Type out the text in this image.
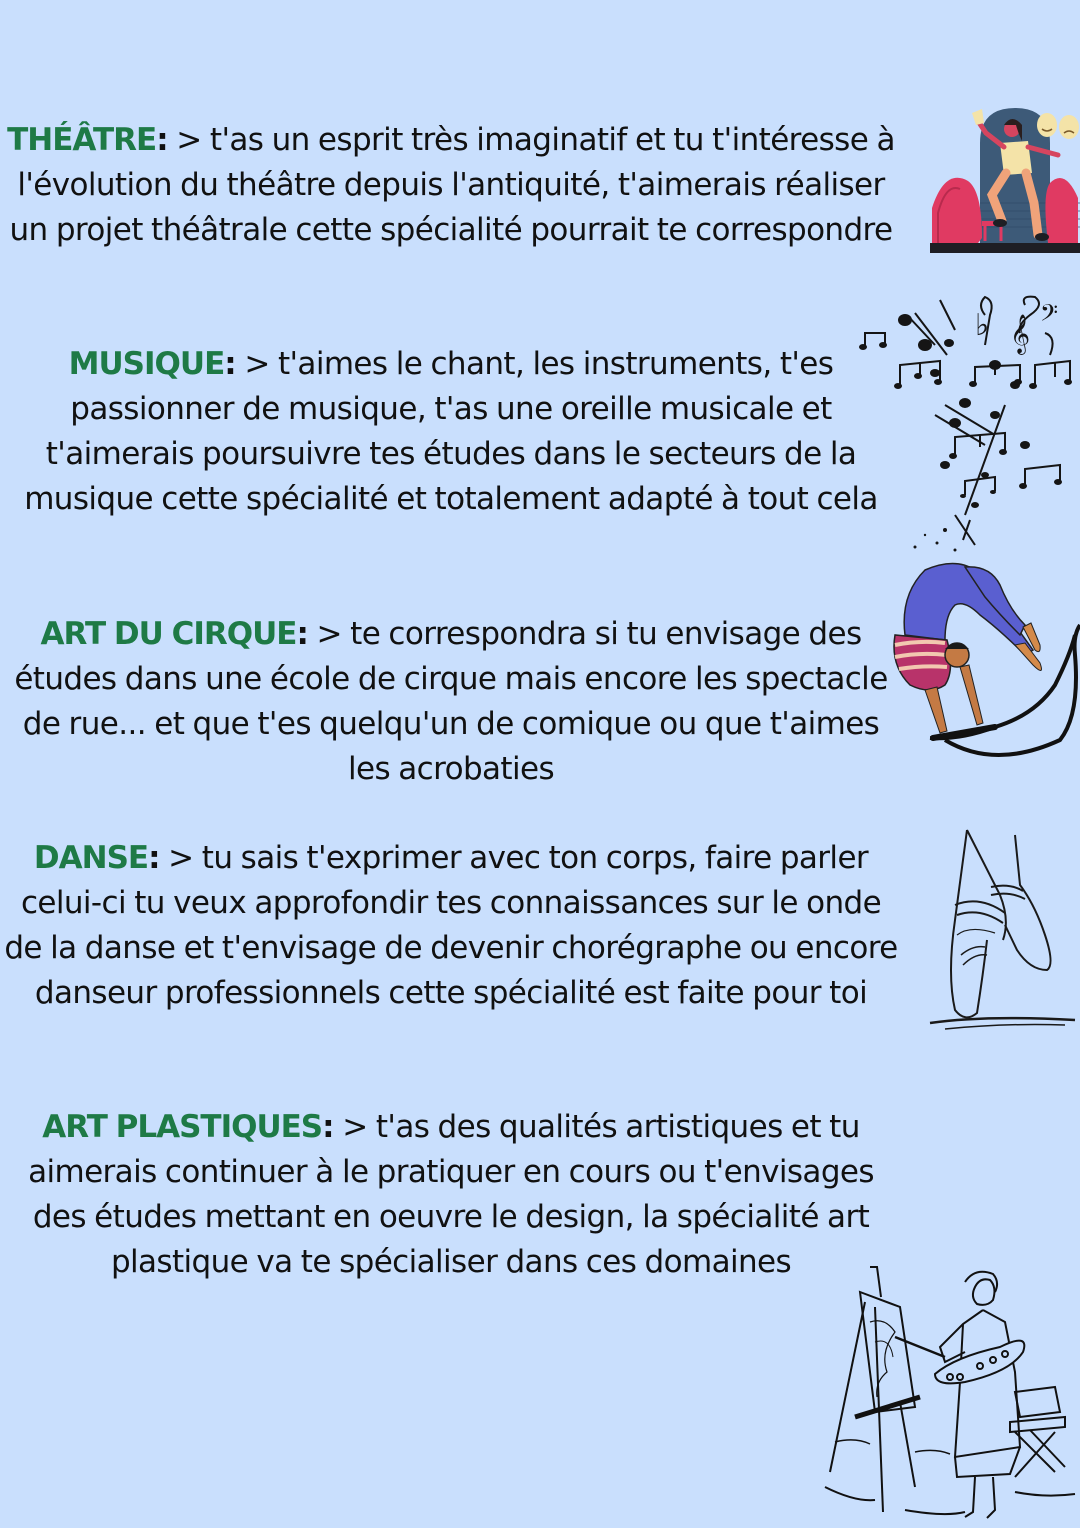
THÉÂTRE: > t'as un esprit très imaginatif et tu t'intéresse à l'évolution du théâtre depuis l'antiquité, t'aimerais réaliser un projet théâtrale cette spécialité pourrait te correspondre

MUSIQUE: > t'aimes le chant, les instruments, t'es passionner de musique, t'as une oreille musicale et t'aimerais poursuivre tes études dans le secteurs de la musique cette spécialité et totalement adapté à tout cela

𝄞 𝄢
♭

ART DU CIRQUE: > te correspondra si tu envisage des études dans une école de cirque mais encore les spectacle de rue... et que t'es quelqu'un de comique ou que t'aimes les acrobaties

DANSE: > tu sais t'exprimer avec ton corps, faire parler celui-ci tu veux approfondir tes connaissances sur le onde de la danse et t'envisage de devenir chorégraphe ou encore danseur professionnels cette spécialité est faite pour toi

ART PLASTIQUES: > t'as des qualités artistiques et tu aimerais continuer à le pratiquer en cours ou t'envisages des études mettant en oeuvre le design, la spécialité art plastique va te spécialiser dans ces domaines
